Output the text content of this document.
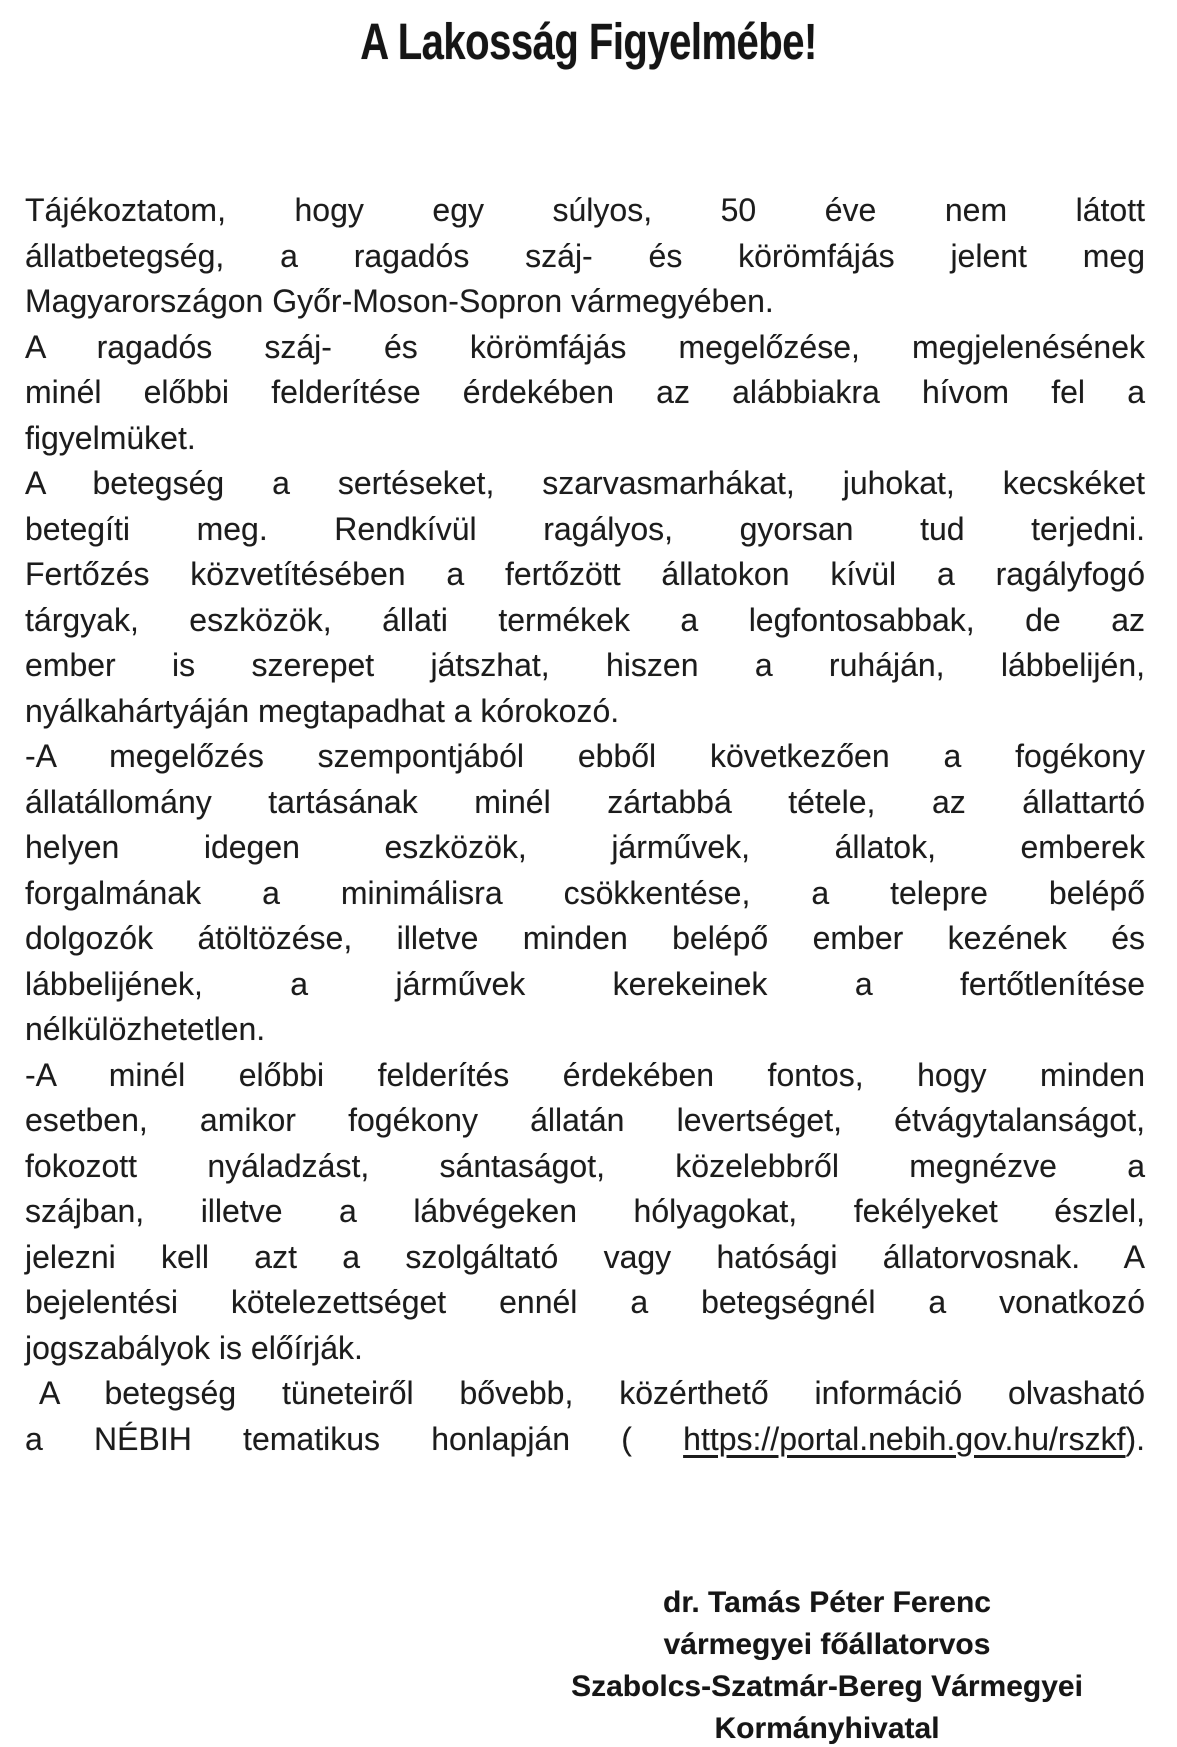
A Lakosság Figyelmébe!
Tájékoztatom, hogy egy súlyos, 50 éve nem látott
állatbetegség, a ragadós száj- és körömfájás jelent meg
Magyarországon Győr-Moson-Sopron vármegyében.
A ragadós száj- és körömfájás megelőzése, megjelenésének
minél előbbi felderítése érdekében az alábbiakra hívom fel a
figyelmüket.
A betegség a sertéseket, szarvasmarhákat, juhokat, kecskéket
betegíti meg. Rendkívül ragályos, gyorsan tud terjedni.
Fertőzés közvetítésében a fertőzött állatokon kívül a ragályfogó
tárgyak, eszközök, állati termékek a legfontosabbak, de az
ember is szerepet játszhat, hiszen a ruháján, lábbelijén,
nyálkahártyáján megtapadhat a kórokozó.
-A megelőzés szempontjából ebből következően a fogékony
állatállomány tartásának minél zártabbá tétele, az állattartó
helyen idegen eszközök, járművek, állatok, emberek
forgalmának a minimálisra csökkentése, a telepre belépő
dolgozók átöltözése, illetve minden belépő ember kezének és
lábbelijének, a járművek kerekeinek a fertőtlenítése
nélkülözhetetlen.
-A minél előbbi felderítés érdekében fontos, hogy minden
esetben, amikor fogékony állatán levertséget, étvágytalanságot,
fokozott nyáladzást, sántaságot, közelebbről megnézve a
szájban, illetve a lábvégeken hólyagokat, fekélyeket észlel,
jelezni kell azt a szolgáltató vagy hatósági állatorvosnak. A
bejelentési kötelezettséget ennél a betegségnél a vonatkozó
jogszabályok is előírják.
A betegség tüneteiről bővebb, közérthető információ olvasható
a NÉBIH tematikus honlapján ( https://portal.nebih.gov.hu/rszkf).
dr. Tamás Péter Ferenc
vármegyei főállatorvos
Szabolcs-Szatmár-Bereg Vármegyei
Kormányhivatal
